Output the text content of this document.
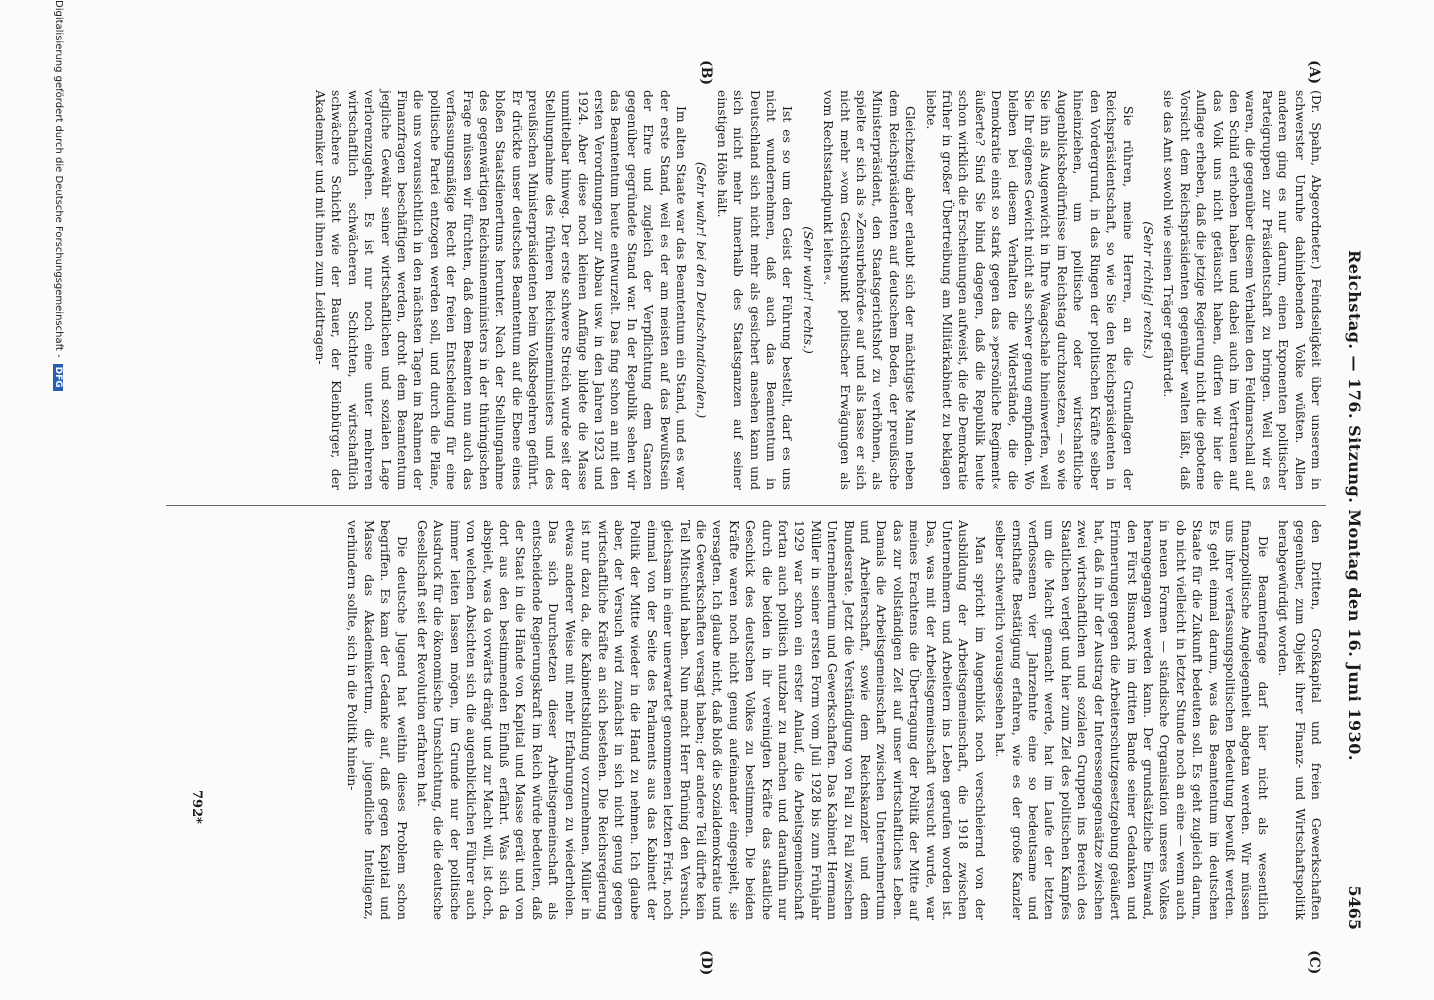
Reichstag. — 176. Sitzung. Montag den 16. Juni 1930.
5465
(A)
(B)
(C)
(D)

(Dr. Spahn, Abgeordneter.) Feindseligkeit über unserem in schwerster Unruhe dahinlebenden Volke wüßten. Allen anderen ging es nur darum, einen Exponenten politischer Parteigruppen zur Präsidentschaft zu bringen. Weil wir es waren, die gegenüber diesem Verhalten den Feldmarschall auf den Schild erhoben haben und dabei auch im Vertrauen auf das Volk uns nicht getäuscht haben, dürfen wir hier die Auflage erheben, daß die jetzige Regierung nicht die gebotene Vorsicht dem Reichspräsidenten gegenüber walten läßt, daß sie das Amt sowohl wie seinen Träger gefährdet.

(Sehr richtig! rechts.)

Sie rühren, meine Herren, an die Grundlagen der Reichspräsidentschaft, so wie Sie den Reichspräsidenten in den Vordergrund, in das Ringen der politischen Kräfte selber hineinziehen, um politische oder wirtschaftliche Augenblicksbedürfnisse im Reichstag durchzusetzen, — so wie Sie ihn als Augenwicht in Ihre Waagschale hineinwerfen, weil Sie Ihr eigenes Gewicht nicht als schwer genug empfinden. Wo bleiben bei diesem Verhalten die Widerstände, die die Demokratie einst so stark gegen das »persönliche Regiment« äußerte? Sind Sie blind dagegen, daß die Republik heute schon wirklich die Erscheinungen aufweist, die die Demokratie früher in großer Übertreibung am Militärkabinett zu beklagen liebte.

Gleichzeitig aber erlaubt sich der mächtigste Mann neben dem Reichspräsidenten auf deutschem Boden, der preußische Ministerpräsident, den Staatsgerichtshof zu verhöhnen, als spielte er sich als »Zensurbehörde« auf und als lasse er sich nicht mehr »vom Gesichtspunkt politischer Erwägungen als vom Rechtsstandpunkt leiten«.

(Sehr wahr! rechts.)

Ist es so um den Geist der Führung bestellt, darf es uns nicht wundernehmen, daß auch das Beamtentum in Deutschland sich nicht mehr als gesichert ansehen kann und sich nicht mehr innerhalb des Staatsganzen auf seiner einstigen Höhe hält.

(Sehr wahr! bei den Deutschnationalen.)

Im alten Staate war das Beamtentum ein Stand, und es war der erste Stand, weil es der am meisten auf das Bewußtsein der Ehre und zugleich der Verpflichtung dem Ganzen gegenüber gegründete Stand war. In der Republik sehen wir das Beamtentum heute entwurzelt. Das fing schon an mit den ersten Verordnungen zur Abbau usw. in den Jahren 1923 und 1924. Aber diese noch kleinen Anfänge bildete die Masse unmittelbar hinweg. Der erste schwere Streich wurde seit der Stellungnahme des früheren Reichsinnenministers und des preußischen Ministerpräsidenten beim Volksbegehren geführt. Er drückte unser deutsches Beamtentum auf die Ebene eines bloßen Staatsdienertums herunter. Nach der Stellungnahme des gegenwärtigen Reichsinnenministers in der thüringischen Frage müssen wir fürchten, daß dem Beamten nun auch das verfassungsmäßige Recht der freien Entscheidung für eine politische Partei entzogen werden soll, und durch die Pläne, die uns voraussichtlich in den nächsten Tagen im Rahmen der Finanzfragen beschäftigen werden, droht dem Beamtentum jegliche Gewähr seiner wirtschaftlichen und sozialen Lage verlorenzugehen. Es ist nur noch eine unter mehreren wirtschaftlich schwächeren Schichten, wirtschaftlich schwächere Schicht wie der Bauer, der Kleinbürger, der Akademiker und mit ihnen zum Leidtragen-

den Dritten, Großkapital und freien Gewerkschaften gegenüber, zum Objekt ihrer Finanz- und Wirtschaftspolitik herabgewürdigt worden.

Die Beamtenfrage darf hier nicht als wesentlich finanzpolitische Angelegenheit abgetan werden. Wir müssen uns ihrer verfassungspolitischen Bedeutung bewußt werden. Es geht einmal darum, was das Beamtentum im deutschen Staate für die Zukunft bedeuten soll. Es geht zugleich darum, ob nicht vielleicht in letzter Stunde noch an eine — wenn auch in neuen Formen — ständische Organisation unseres Volkes herangegangen werden kann. Der grundsätzliche Einwand, den Fürst Bismarck im dritten Bande seiner Gedanken und Erinnerungen gegen die Arbeiterschutzgesetzgebung geäußert hat, daß in ihr der Austrag der Interessengegensätze zwischen zwei wirtschaftlichen und sozialen Gruppen ins Bereich des Staatlichen verlegt und hier zum Ziel des politischen Kampfes um die Macht gemacht werde, hat im Laufe der letzten verflossenen vier Jahrzehnte eine so bedeutsame und ernsthafte Bestätigung erfahren, wie es der große Kanzler selber schwerlich vorausgesehen hat.

Man spricht im Augenblick noch verschleiernd von der Ausbildung der Arbeitsgemeinschaft, die 1918 zwischen Unternehmern und Arbeitern ins Leben gerufen worden ist. Das, was mit der Arbeitsgemeinschaft versucht wurde, war meines Erachtens die Übertragung der Politik der Mitte auf das zur vollständigen Zeit auf unser wirtschaftliches Leben. Damals die Arbeitsgemeinschaft zwischen Unternehmertum und Arbeiterschaft, sowie dem Reichskanzler und dem Bundesrate. Jetzt die Verständigung von Fall zu Fall zwischen Unternehmertum und Gewerkschaften. Das Kabinett Hermann Müller in seiner ersten Form vom Juli 1928 bis zum Frühjahr 1929 war schon ein erster Anlauf, die Arbeitsgemeinschaft fortan auch politisch nutzbar zu machen und daraufhin nur durch die beiden in ihr vereinigten Kräfte das staatliche Geschick des deutschen Volkes zu bestimmen. Die beiden Kräfte waren noch nicht genug aufeinander eingespielt, sie versagten. Ich glaube nicht, daß bloß die Sozialdemokratie und die Gewerkschaften versagt haben; der andere Teil dürfte kein Teil Mitschuld haben. Nun macht Herr Brüning den Versuch, gleichsam in einer unerwartet genommenen letzten Frist, noch einmal von der Seite des Parlaments aus das Kabinett der Politik der Mitte wieder in die Hand zu nehmen. Ich glaube aber, der Versuch wird zunächst in sich nicht genug gegen wirtschaftliche Kräfte an sich bestehen. Die Reichsregierung ist nur dazu da, die Kabinettsbildung vorzunehmen. Müller in etwas anderer Weise mit mehr Erfahrungen zu wiederholen. Das sich Durchsetzen dieser Arbeitsgemeinschaft als entscheidende Regierungskraft im Reich würde bedeuten, daß der Staat in die Hände von Kapital und Masse gerät und von dort aus den bestimmenden Einfluß erfährt. Was sich da abspielt, was da vorwärts drängt und zur Macht will, ist doch, von welchen Absichten sich die augenblicklichen Führer auch immer leiten lassen mögen, im Grunde nur der politische Ausdruck für die ökonomische Umschichtung, die die deutsche Gesellschaft seit der Revolution erfahren hat.

Die deutsche Jugend hat weithin dieses Problem schon begriffen. Es kam der Gedanke auf, daß gegen Kapital und Masse das Akademikertum, die jugendliche Intelligenz, verhindern sollte, sich in die Politik hinein-

792*
Digitalisierung gefördert durch die Deutsche Forschungsgemeinschaft -DFG
